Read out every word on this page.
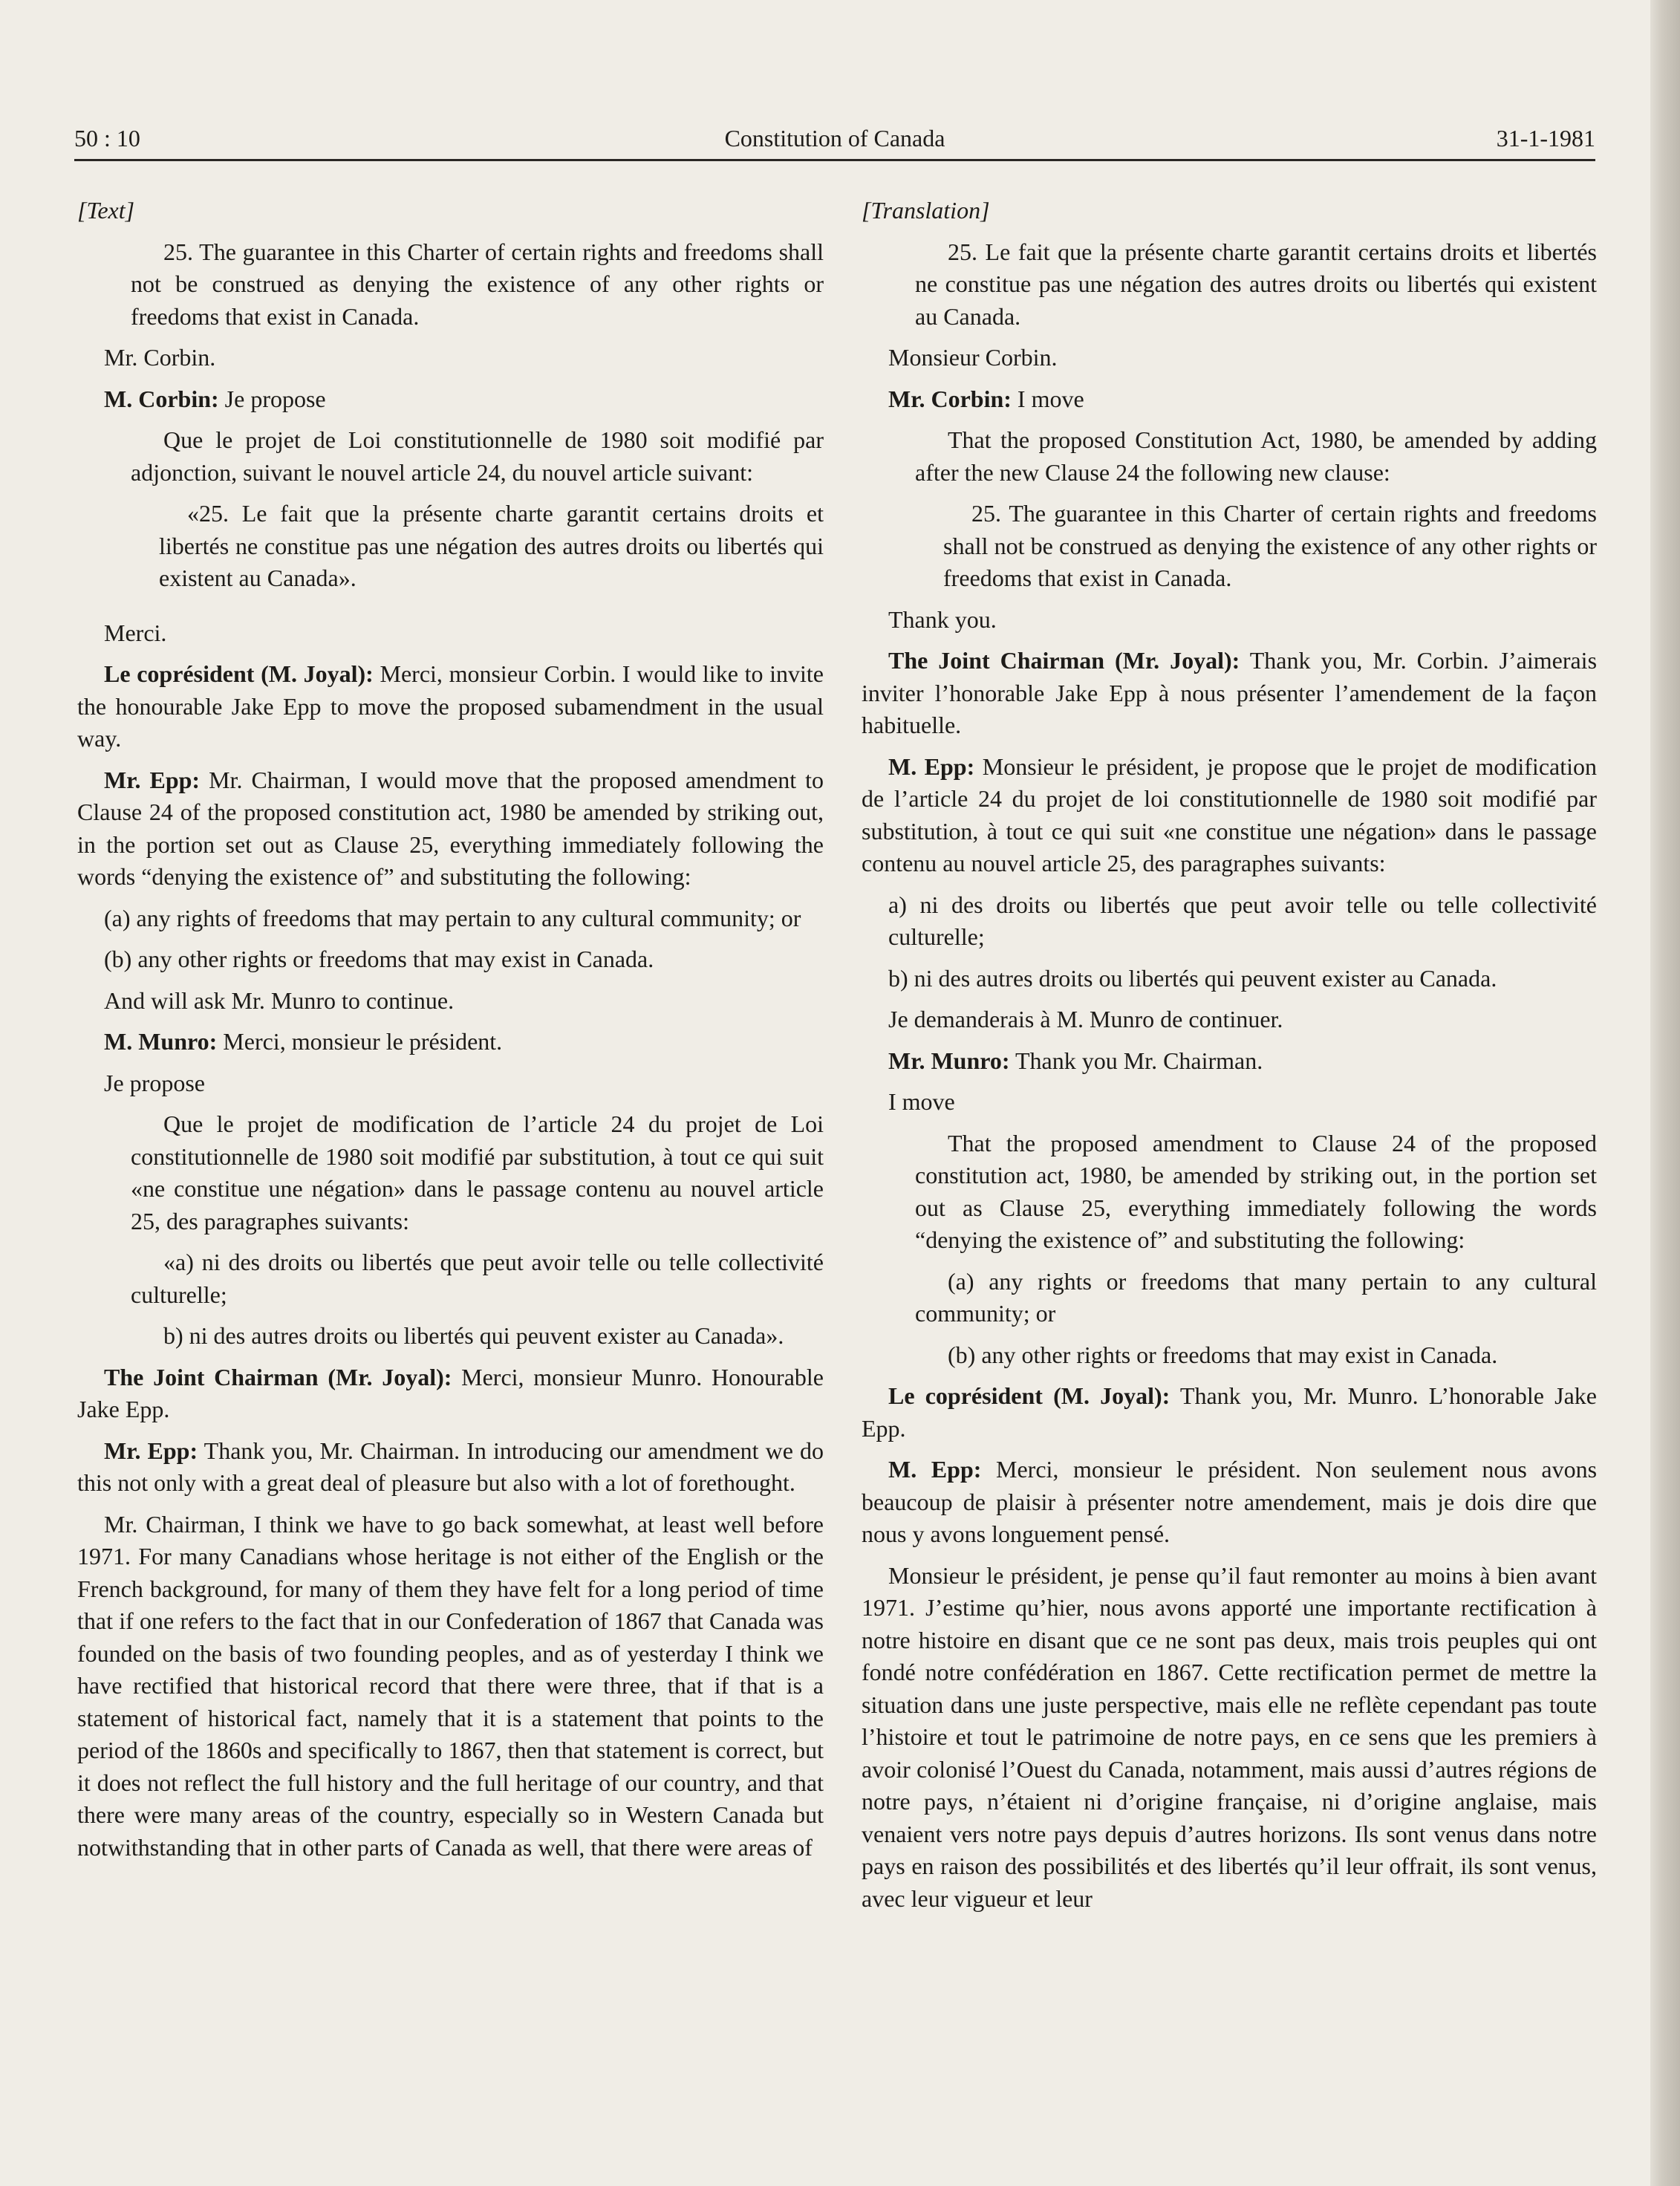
50 : 10	Constitution of Canada	31-1-1981

[Text]

25. The guarantee in this Charter of certain rights and freedoms shall not be construed as denying the existence of any other rights or freedoms that exist in Canada.

Mr. Corbin.

M. Corbin: Je propose

Que le projet de Loi constitutionnelle de 1980 soit modifié par adjonction, suivant le nouvel article 24, du nouvel article suivant:

«25. Le fait que la présente charte garantit certains droits et libertés ne constitue pas une négation des autres droits ou libertés qui existent au Canada».

Merci.

Le coprésident (M. Joyal): Merci, monsieur Corbin. I would like to invite the honourable Jake Epp to move the proposed subamendment in the usual way.

Mr. Epp: Mr. Chairman, I would move that the proposed amendment to Clause 24 of the proposed constitution act, 1980 be amended by striking out, in the portion set out as Clause 25, everything immediately following the words “denying the existence of” and substituting the following:

(a) any rights of freedoms that may pertain to any cultural community; or

(b) any other rights or freedoms that may exist in Canada.

And will ask Mr. Munro to continue.

M. Munro: Merci, monsieur le président.

Je propose

Que le projet de modification de l’article 24 du projet de Loi constitutionnelle de 1980 soit modifié par substitution, à tout ce qui suit «ne constitue une négation» dans le passage contenu au nouvel article 25, des paragraphes suivants:

«a) ni des droits ou libertés que peut avoir telle ou telle collectivité culturelle;

b) ni des autres droits ou libertés qui peuvent exister au Canada».

The Joint Chairman (Mr. Joyal): Merci, monsieur Munro. Honourable Jake Epp.

Mr. Epp: Thank you, Mr. Chairman. In introducing our amendment we do this not only with a great deal of pleasure but also with a lot of forethought.

Mr. Chairman, I think we have to go back somewhat, at least well before 1971. For many Canadians whose heritage is not either of the English or the French background, for many of them they have felt for a long period of time that if one refers to the fact that in our Confederation of 1867 that Canada was founded on the basis of two founding peoples, and as of yesterday I think we have rectified that historical record that there were three, that if that is a statement of historical fact, namely that it is a statement that points to the period of the 1860s and specifically to 1867, then that statement is correct, but it does not reflect the full history and the full heritage of our country, and that there were many areas of the country, especially so in Western Canada but notwithstanding that in other parts of Canada as well, that there were areas of

[Translation]

25. Le fait que la présente charte garantit certains droits et libertés ne constitue pas une négation des autres droits ou libertés qui existent au Canada.

Monsieur Corbin.

Mr. Corbin: I move

That the proposed Constitution Act, 1980, be amended by adding after the new Clause 24 the following new clause:

25. The guarantee in this Charter of certain rights and freedoms shall not be construed as denying the existence of any other rights or freedoms that exist in Canada.

Thank you.

The Joint Chairman (Mr. Joyal): Thank you, Mr. Corbin. J’aimerais inviter l’honorable Jake Epp à nous présenter l’amendement de la façon habituelle.

M. Epp: Monsieur le président, je propose que le projet de modification de l’article 24 du projet de loi constitutionnelle de 1980 soit modifié par substitution, à tout ce qui suit «ne constitue une négation» dans le passage contenu au nouvel article 25, des paragraphes suivants:

a) ni des droits ou libertés que peut avoir telle ou telle collectivité culturelle;

b) ni des autres droits ou libertés qui peuvent exister au Canada.

Je demanderais à M. Munro de continuer.

Mr. Munro: Thank you Mr. Chairman.

I move

That the proposed amendment to Clause 24 of the proposed constitution act, 1980, be amended by striking out, in the portion set out as Clause 25, everything immediately following the words “denying the existence of” and substituting the following:

(a) any rights or freedoms that many pertain to any cultural community; or

(b) any other rights or freedoms that may exist in Canada.

Le coprésident (M. Joyal): Thank you, Mr. Munro. L’honorable Jake Epp.

M. Epp: Merci, monsieur le président. Non seulement nous avons beaucoup de plaisir à présenter notre amendement, mais je dois dire que nous y avons longuement pensé.

Monsieur le président, je pense qu’il faut remonter au moins à bien avant 1971. J’estime qu’hier, nous avons apporté une importante rectification à notre histoire en disant que ce ne sont pas deux, mais trois peuples qui ont fondé notre confédération en 1867. Cette rectification permet de mettre la situation dans une juste perspective, mais elle ne reflète cependant pas toute l’histoire et tout le patrimoine de notre pays, en ce sens que les premiers à avoir colonisé l’Ouest du Canada, notamment, mais aussi d’autres régions de notre pays, n’étaient ni d’origine française, ni d’origine anglaise, mais venaient vers notre pays depuis d’autres horizons. Ils sont venus dans notre pays en raison des possibilités et des libertés qu’il leur offrait, ils sont venus, avec leur vigueur et leur
